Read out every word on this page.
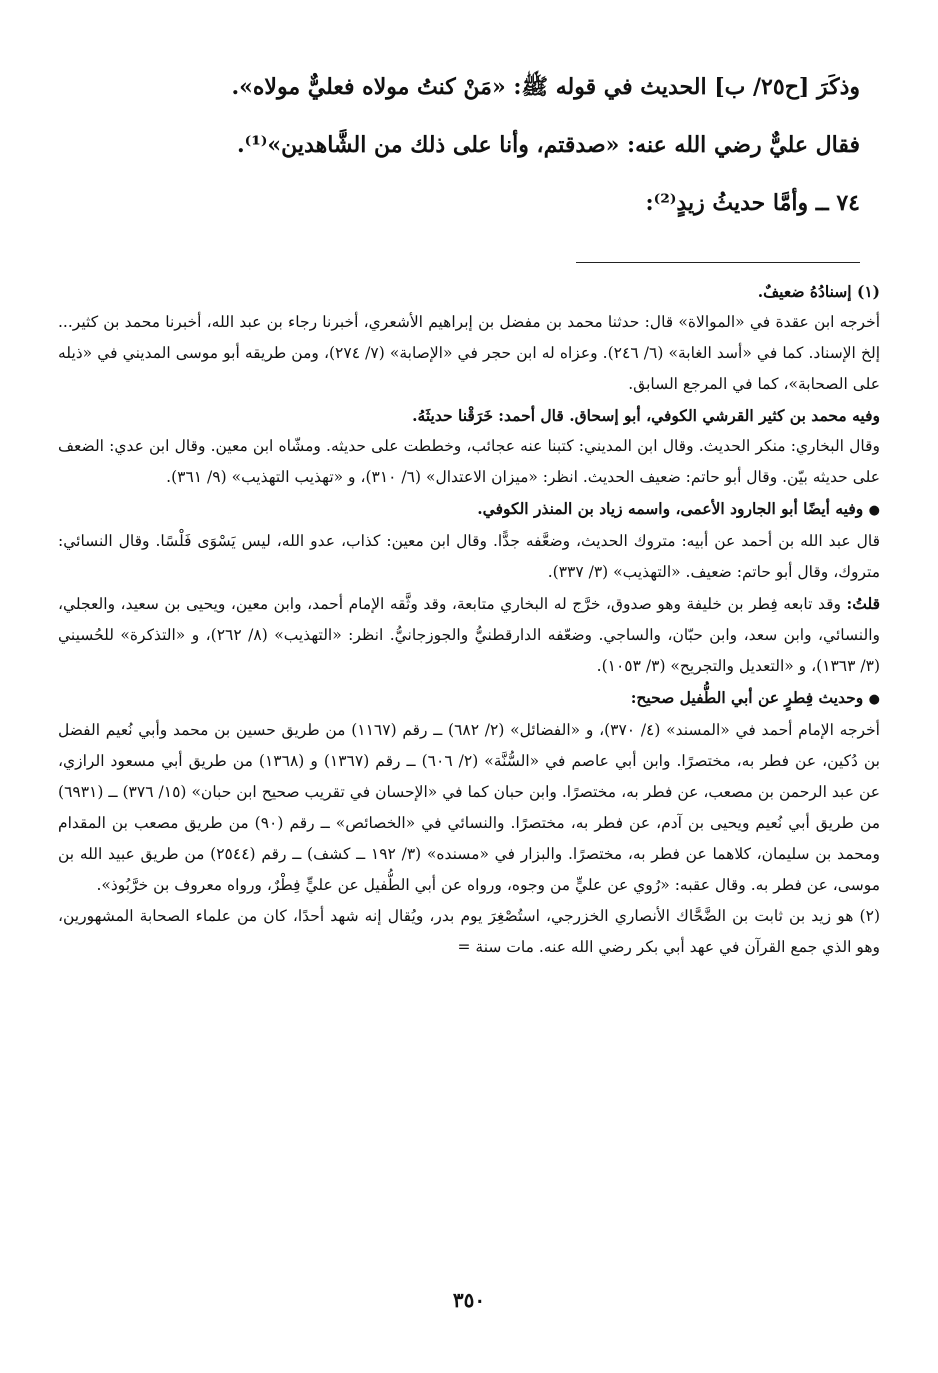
وذكَرَ [ح٢٥/ ب] الحديث في قوله ﷺ: «مَنْ كنتُ مولاه فعليٌّ مولاه».

فقال عليٌّ رضي الله عنه: «صدقتم، وأنا على ذلك من الشَّاهدين»⁽¹⁾.

٧٤ ــ وأمَّا حديثُ زيدٍ⁽²⁾:

(١) إسنادُهُ ضعيفٌ.

أخرجه ابن عقدة في «الموالاة» قال: حدثنا محمد بن مفضل بن إبراهيم الأشعري، أخبرنا رجاء بن عبد الله، أخبرنا محمد بن كثير... إلخ الإسناد. كما في «أسد الغابة» (٦/ ٢٤٦). وعزاه له ابن حجر في «الإصابة» (٧/ ٢٧٤)، ومن طريقه أبو موسى المديني في «ذيله على الصحابة»، كما في المرجع السابق.

وفيه محمد بن كثير القرشي الكوفي، أبو إسحاق. قال أحمد: خَرَقْنا حديثَهُ.

وقال البخاري: منكر الحديث. وقال ابن المديني: كتبنا عنه عجائب، وخططت على حديثه. ومشّاه ابن معين. وقال ابن عدي: الضعف على حديثه بيّن. وقال أبو حاتم: ضعيف الحديث. انظر: «ميزان الاعتدال» (٦/ ٣١٠)، و «تهذيب التهذيب» (٩/ ٣٦١).

● وفيه أيضًا أبو الجارود الأعمى، واسمه زياد بن المنذر الكوفي.

قال عبد الله بن أحمد عن أبيه: متروك الحديث، وضعَّفه جدًّا. وقال ابن معين: كذاب، عدو الله، ليس يَسْوَى فَلْسًا. وقال النسائي: متروك، وقال أبو حاتم: ضعيف. «التهذيب» (٣/ ٣٣٧).

قلتُ: وقد تابعه فِطر بن خليفة وهو صدوق، خرَّج له البخاري متابعة، وقد وثَّقه الإمام أحمد، وابن معين، ويحيى بن سعيد، والعجلي، والنسائي، وابن سعد، وابن حبّان، والساجي. وضعّفه الدارقطنيُّ والجوزجانيُّ. انظر: «التهذيب» (٨/ ٢٦٢)، و «التذكرة» للحُسيني (٣/ ١٣٦٣)، و «التعديل والتجريح» (٣/ ١٠٥٣).

● وحديث فِطرٍ عن أبي الطُّفيل صحيح:

أخرجه الإمام أحمد في «المسند» (٤/ ٣٧٠)، و «الفضائل» (٢/ ٦٨٢) ــ رقم (١١٦٧) من طريق حسين بن محمد وأبي نُعيم الفضل بن دُكين، عن فطر به، مختصرًا. وابن أبي عاصم في «السُّنَّة» (٢/ ٦٠٦) ــ رقم (١٣٦٧) و (١٣٦٨) من طريق أبي مسعود الرازي، عن عبد الرحمن بن مصعب، عن فطر به، مختصرًا. وابن حبان كما في «الإحسان في تقريب صحيح ابن حبان» (١٥/ ٣٧٦) ــ (٦٩٣١) من طريق أبي نُعيم ويحيى بن آدم، عن فطر به، مختصرًا. والنسائي في «الخصائص» ــ رقم (٩٠) من طريق مصعب بن المقدام ومحمد بن سليمان، كلاهما عن فطر به، مختصرًا. والبزار في «مسنده» (٣/ ١٩٢ ــ كشف) ــ رقم (٢٥٤٤) من طريق عبيد الله بن موسى، عن فطر به. وقال عقبه: «رُوي عن عليٍّ من وجوه، ورواه عن أبي الطُّفيل عن عليٍّ فِطْرٌ، ورواه معروف بن خرَّبُوذ».

(٢) هو زيد بن ثابت بن الضَّحَّاك الأنصاري الخزرجي، استُصْغِرَ يوم بدر، ويُقال إنه شهد أحدًا، كان من علماء الصحابة المشهورين، وهو الذي جمع القرآن في عهد أبي بكر رضي الله عنه. مات سنة =

٣٥٠
